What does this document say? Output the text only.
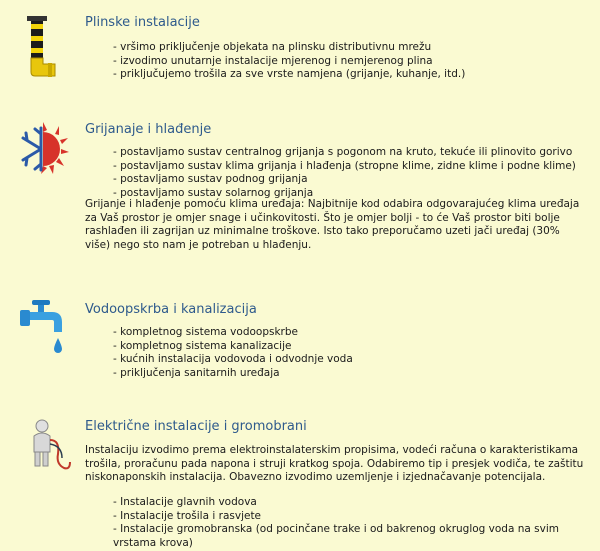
Plinske instalacije
- vršimo priključenje objekata na plinsku distributivnu mrežu
- izvodimo unutarnje instalacije mjerenog i nemjerenog plina
- priključujemo trošila za sve vrste namjena (grijanje, kuhanje, itd.)
Grijanaje i hlađenje
- postavljamo sustav centralnog grijanja s pogonom na kruto, tekuće ili plinovito gorivo
- postavljamo sustav klima grijanja i hlađenja (stropne klime, zidne klime i podne klime)
- postavljamo sustav podnog grijanja
- postavljamo sustav solarnog grijanja

Grijanje i hlađenje pomoću klima uređaja: Najbitnije kod odabira odgovarajućeg klima uređaja za Vaš prostor je omjer snage i učinkovitosti. Što je omjer bolji - to će Vaš prostor biti bolje rashlađen ili zagrijan uz minimalne troškove. Isto tako preporučamo uzeti jači uređaj (30% više) nego sto nam je potreban u hlađenju.

Vodoopskrba i kanalizacija
- kompletnog sistema vodoopskrbe
- kompletnog sistema kanalizacije
- kućnih instalacija vodovoda i odvodnje voda
- priključenja sanitarnih uređaja
Električne instalacije i gromobrani

Instalaciju izvodimo prema elektroinstalaterskim propisima, vodeći računa o karakteristikama trošila, proračunu pada napona i struji kratkog spoja. Odabiremo tip i presjek vodiča, te zaštitu niskonaponskih instalacija. Obavezno izvodimo uzemljenje i izjednačavanje potencijala.

- Instalacije glavnih vodova
- Instalacije trošila i rasvjete
- Instalacije gromobranska (od pocinčane trake i od bakrenog okruglog voda na svim vrstama krova)
